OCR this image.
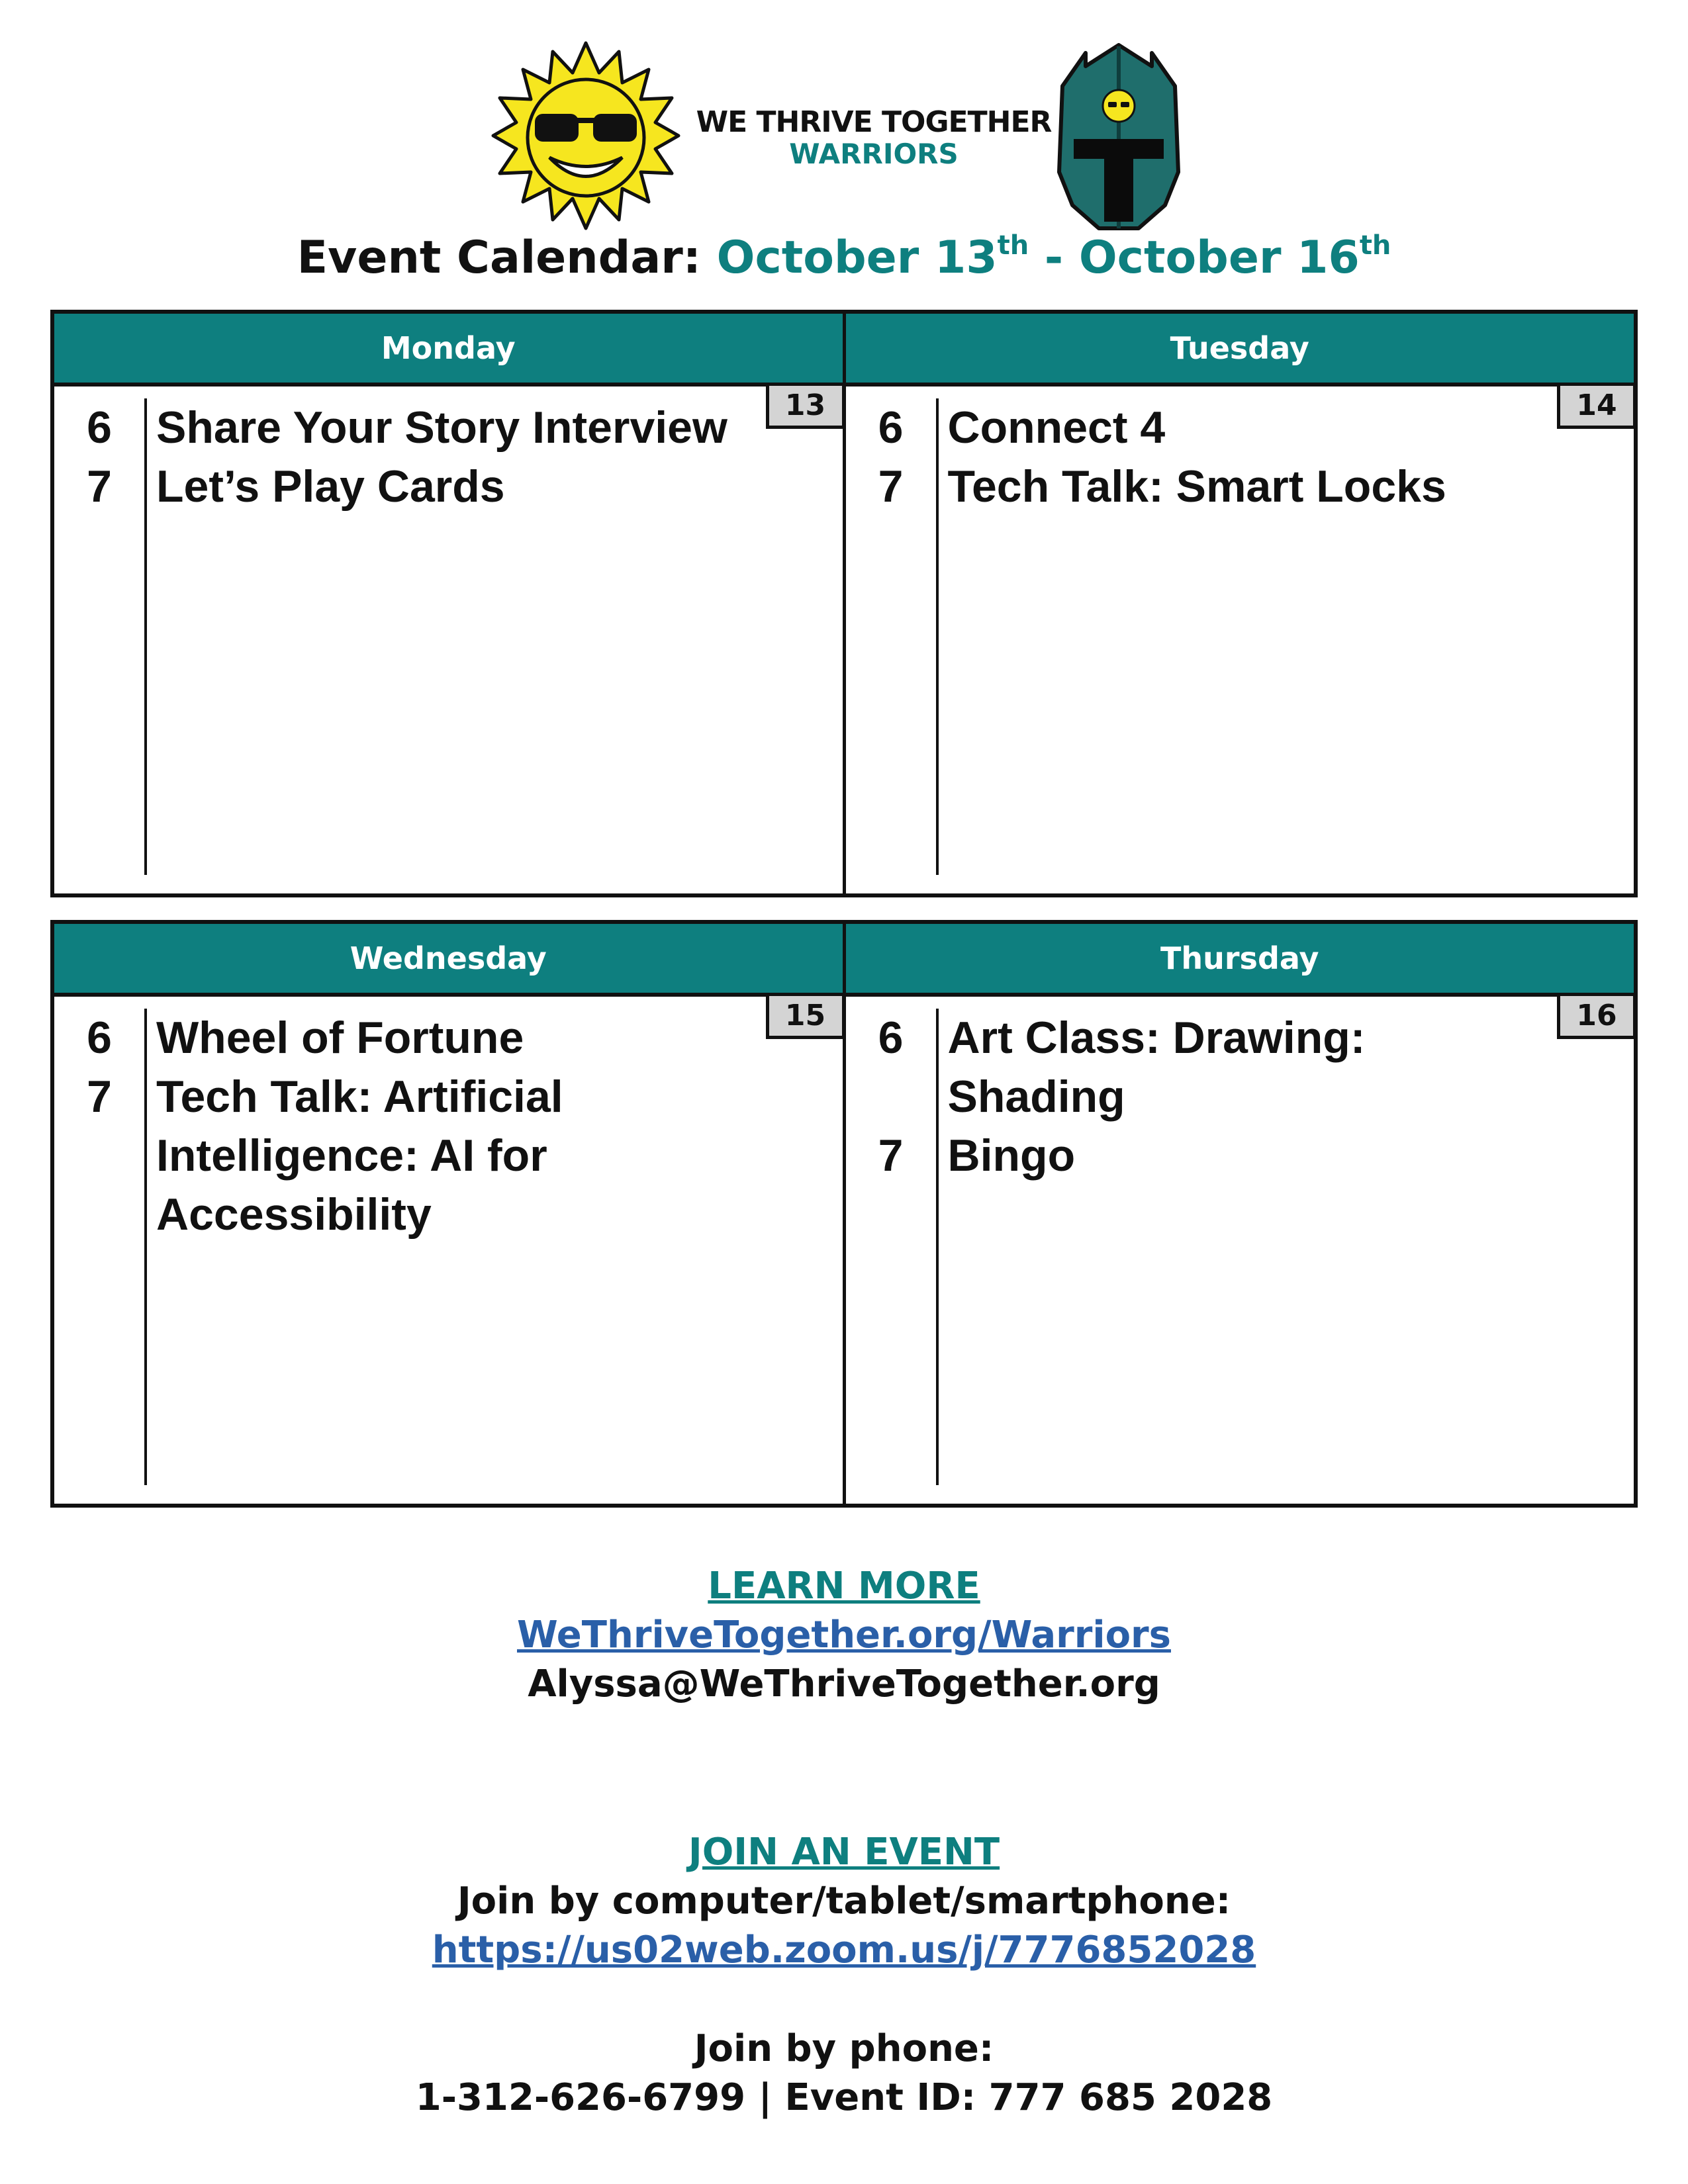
WE THRIVE TOGETHER
WARRIORS
Event Calendar: October 13th - October 16th
Monday
13
6 Share Your Story Interview
7 Let’s Play Cards
Tuesday
14
6 Connect 4
7 Tech Talk: Smart Locks
Wednesday
15
6 Wheel of Fortune
7 Tech Talk: Artificial Intelligence: AI for Accessibility
Thursday
16
6 Art Class: Drawing: Shading
7 Bingo
LEARN MORE
WeThriveTogether.org/Warriors
Alyssa@WeThriveTogether.org
JOIN AN EVENT
Join by computer/tablet/smartphone:
https://us02web.zoom.us/j/7776852028
Join by phone:
1-312-626-6799 | Event ID: 777 685 2028
